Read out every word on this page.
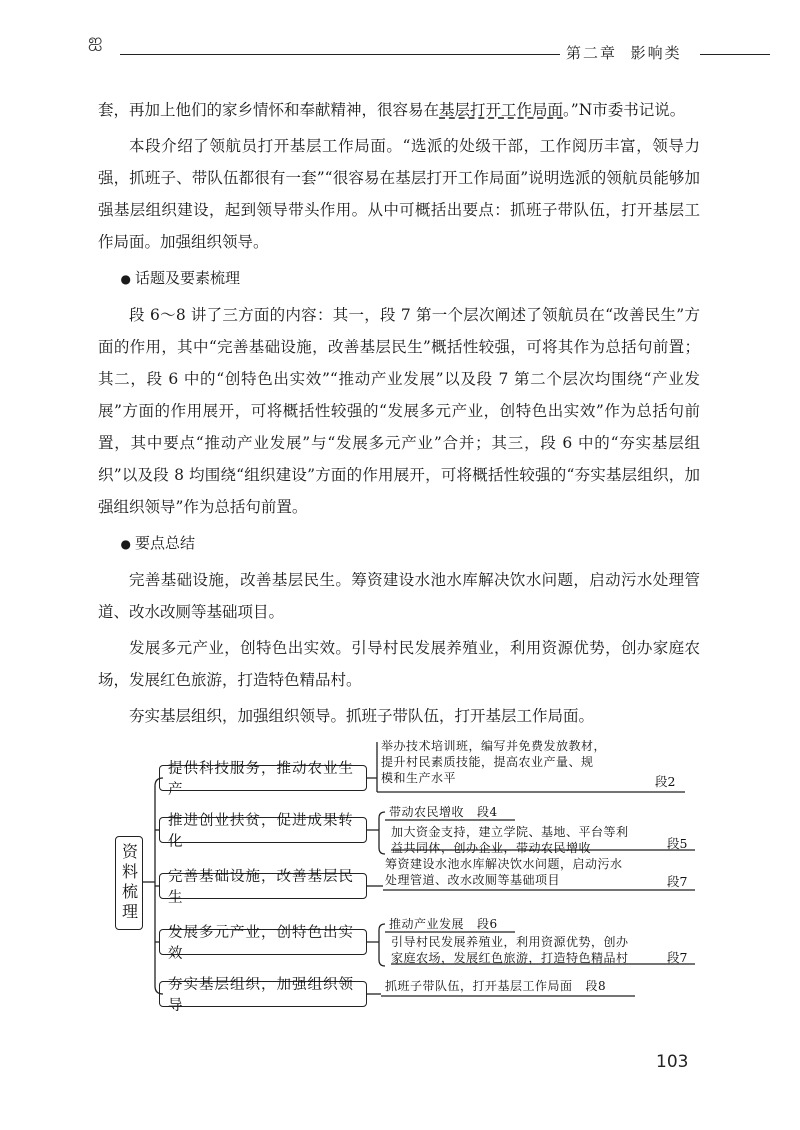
ஐ
第二章 影响类

套，再加上他们的家乡情怀和奉献精神，很容易在基层打开工作局面。”N市委书记说。

本段介绍了领航员打开基层工作局面。“选派的处级干部，工作阅历丰富，领导力强，抓班子、带队伍都很有一套”“很容易在基层打开工作局面”说明选派的领航员能够加强基层组织建设，起到领导带头作用。从中可概括出要点：抓班子带队伍，打开基层工作局面。加强组织领导。

● 话题及要素梳理

段 6～8 讲了三方面的内容：其一，段 7 第一个层次阐述了领航员在“改善民生”方面的作用，其中“完善基础设施，改善基层民生”概括性较强，可将其作为总括句前置；其二，段 6 中的“创特色出实效”“推动产业发展”以及段 7 第二个层次均围绕“产业发展”方面的作用展开，可将概括性较强的“发展多元产业，创特色出实效”作为总括句前置，其中要点“推动产业发展”与“发展多元产业”合并；其三，段 6 中的“夯实基层组织”以及段 8 均围绕“组织建设”方面的作用展开，可将概括性较强的“夯实基层组织，加强组织领导”作为总括句前置。

● 要点总结

完善基础设施，改善基层民生。筹资建设水池水库解决饮水问题，启动污水处理管道、改水改厕等基础项目。

发展多元产业，创特色出实效。引导村民发展养殖业，利用资源优势，创办家庭农场，发展红色旅游，打造特色精品村。

夯实基层组织，加强组织领导。抓班子带队伍，打开基层工作局面。

资料梳理
提供科技服务，推动农业生产
举办技术培训班，编写并免费发放教材，
提升村民素质技能，提高农业产量、规
模和生产水平	段2
推进创业扶贫，促进成果转化
带动农民增收 段4
加大资金支持，建立学院、基地、平台等利
益共同体，创办企业，带动农民增收	段5
完善基础设施，改善基层民生
筹资建设水池水库解决饮水问题，启动污水
处理管道、改水改厕等基础项目	段7
发展多元产业，创特色出实效
推动产业发展 段6
引导村民发展养殖业，利用资源优势，创办
家庭农场，发展红色旅游，打造特色精品村	段7
夯实基层组织，加强组织领导
抓班子带队伍，打开基层工作局面 段8
103
